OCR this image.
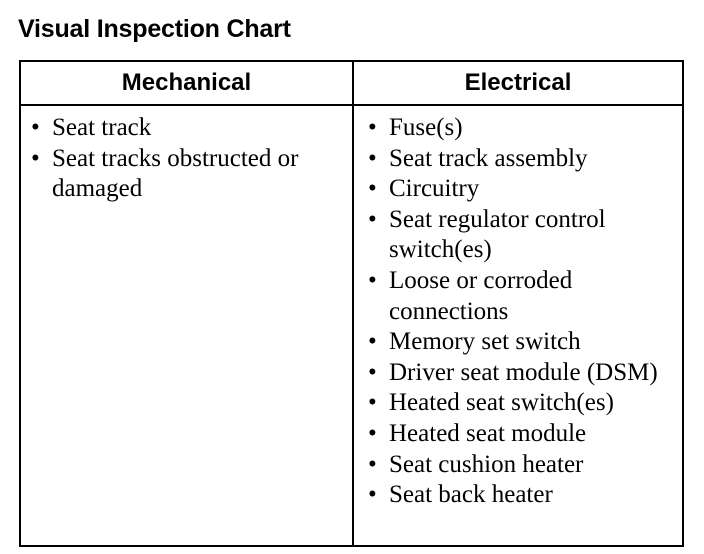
Visual Inspection Chart
Mechanical	Electrical
• Seat track
• Seat tracks obstructed or damaged
• Fuse(s)
• Seat track assembly
• Circuitry
• Seat regulator control switch(es)
• Loose or corroded connections
• Memory set switch
• Driver seat module (DSM)
• Heated seat switch(es)
• Heated seat module
• Seat cushion heater
• Seat back heater
